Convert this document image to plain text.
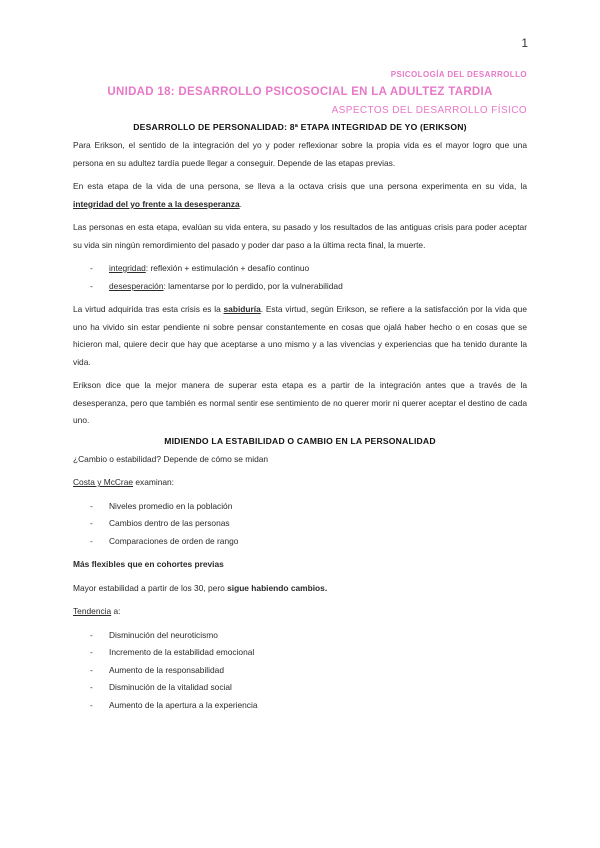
1
PSICOLOGÍA DEL DESARROLLO
UNIDAD 18: DESARROLLO PSICOSOCIAL EN LA ADULTEZ TARDIA
ASPECTOS DEL DESARROLLO FÍSICO
DESARROLLO DE PERSONALIDAD: 8ª ETAPA INTEGRIDAD DE YO (ERIKSON)

Para Erikson, el sentido de la integración del yo y poder reflexionar sobre la propia vida es el mayor logro que una persona en su adultez tardía puede llegar a conseguir. Depende de las etapas previas.

En esta etapa de la vida de una persona, se lleva a la octava crisis que una persona experimenta en su vida, la integridad del yo frente a la desesperanza.

Las personas en esta etapa, evalúan su vida entera, su pasado y los resultados de las antiguas crisis para poder aceptar su vida sin ningún remordimiento del pasado y poder dar paso a la última recta final, la muerte.

- integridad: reflexión + estimulación + desafío continuo
- desesperación: lamentarse por lo perdido, por la vulnerabilidad

La virtud adquirida tras esta crisis es la sabiduría. Esta virtud, según Erikson, se refiere a la satisfacción por la vida que uno ha vivido sin estar pendiente ni sobre pensar constantemente en cosas que ojalá haber hecho o en cosas que se hicieron mal, quiere decir que hay que aceptarse a uno mismo y a las vivencias y experiencias que ha tenido durante la vida.

Erikson dice que la mejor manera de superar esta etapa es a partir de la integración antes que a través de la desesperanza, pero que también es normal sentir ese sentimiento de no querer morir ni querer aceptar el destino de cada uno.

MIDIENDO LA ESTABILIDAD O CAMBIO EN LA PERSONALIDAD

¿Cambio o estabilidad? Depende de cómo se midan

Costa y McCrae examinan:

- Niveles promedio en la población
- Cambios dentro de las personas
- Comparaciones de orden de rango

Más flexibles que en cohortes previas

Mayor estabilidad a partir de los 30, pero sigue habiendo cambios.

Tendencia a:

- Disminución del neuroticismo
- Incremento de la estabilidad emocional
- Aumento de la responsabilidad
- Disminución de la vitalidad social
- Aumento de la apertura a la experiencia
